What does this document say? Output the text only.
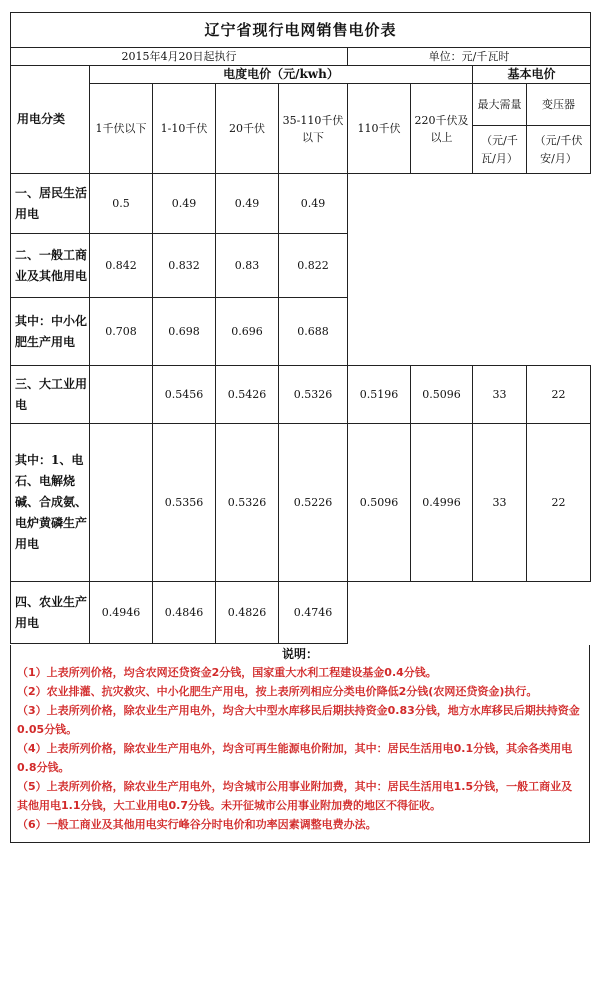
辽宁省现行电网销售电价表								
2015年4月20日起执行					单位：元/千瓦时			
用电分类	电度电价（元/kwh）						基本电价	
	1千伏以下	1-10千伏	20千伏	35-110千伏以下	110千伏	220千伏及以上	最大需量	变压器
							（元/千瓦/月）	（元/千伏安/月）
一、居民生活用电	0.5	0.49	0.49	0.49				
二、一般工商业及其他用电	0.842	0.832	0.83	0.822				
其中：中小化肥生产用电	0.708	0.698	0.696	0.688				
三、大工业用电		0.5456	0.5426	0.5326	0.5196	0.5096	33	22
其中：1、电石、电解烧碱、合成氨、电炉黄磷生产用电		0.5356	0.5326	0.5226	0.5096	0.4996	33	22
四、农业生产用电	0.4946	0.4846	0.4826	0.4746				
说明：
（1）上表所列价格，均含农网还贷资金2分钱，国家重大水利工程建设基金0.4分钱。
（2）农业排灌、抗灾救灾、中小化肥生产用电，按上表所列相应分类电价降低2分钱(农网还贷资金)执行。
（3）上表所列价格，除农业生产用电外，均含大中型水库移民后期扶持资金0.83分钱，地方水库移民后期扶持资金0.05分钱。
（4）上表所列价格，除农业生产用电外，均含可再生能源电价附加，其中：居民生活用电0.1分钱，其余各类用电0.8分钱。
（5）上表所列价格，除农业生产用电外，均含城市公用事业附加费，其中：居民生活用电1.5分钱，一般工商业及其他用电1.1分钱，大工业用电0.7分钱。未开征城市公用事业附加费的地区不得征收。
（6）一般工商业及其他用电实行峰谷分时电价和功率因素调整电费办法。
